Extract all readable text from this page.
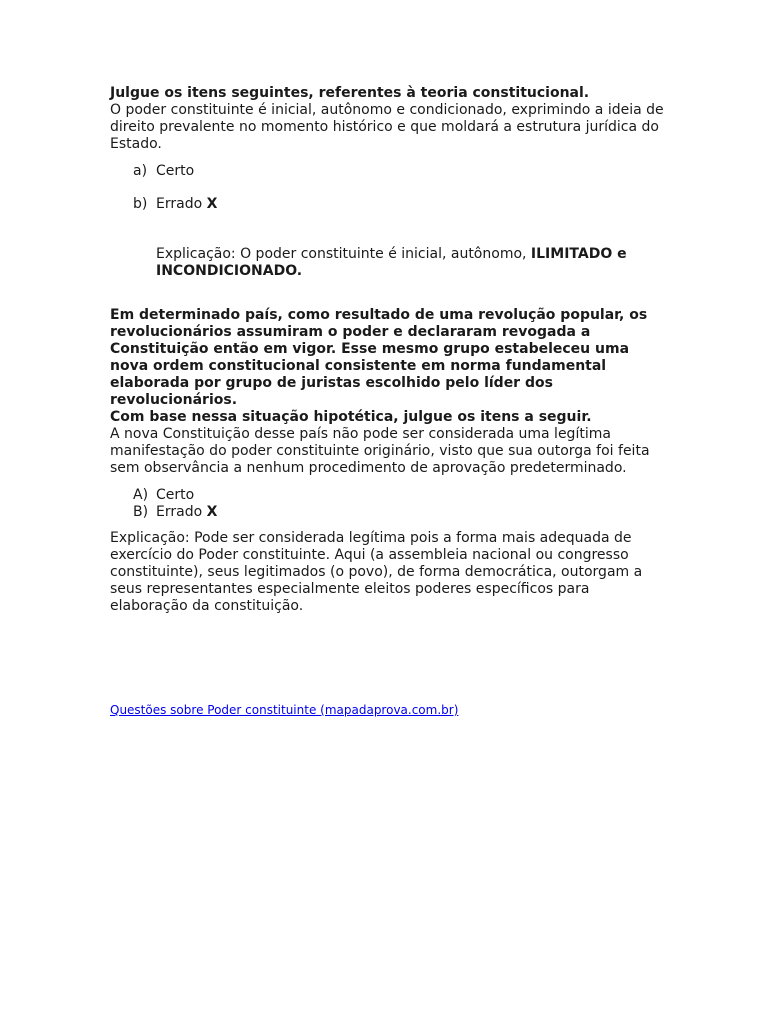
Julgue os itens seguintes, referentes à teoria constitucional.

O poder constituinte é inicial, autônomo e condicionado, exprimindo a ideia de direito prevalente no momento histórico e que moldará a estrutura jurídica do Estado.

a) Certo
b) Errado X

Explicação: O poder constituinte é inicial, autônomo, ILIMITADO e INCONDICIONADO.

Em determinado país, como resultado de uma revolução popular, os revolucionários assumiram o poder e declararam revogada a Constituição então em vigor. Esse mesmo grupo estabeleceu uma nova ordem constitucional consistente em norma fundamental elaborada por grupo de juristas escolhido pelo líder dos revolucionários.

Com base nessa situação hipotética, julgue os itens a seguir.

A nova Constituição desse país não pode ser considerada uma legítima manifestação do poder constituinte originário, visto que sua outorga foi feita sem observância a nenhum procedimento de aprovação predeterminado.

A) Certo
B) Errado X

Explicação: Pode ser considerada legítima pois a forma mais adequada de exercício do Poder constituinte. Aqui (a assembleia nacional ou congresso constituinte), seus legitimados (o povo), de forma democrática, outorgam a seus representantes especialmente eleitos poderes específicos para elaboração da constituição.

Questões sobre Poder constituinte (mapadaprova.com.br)
